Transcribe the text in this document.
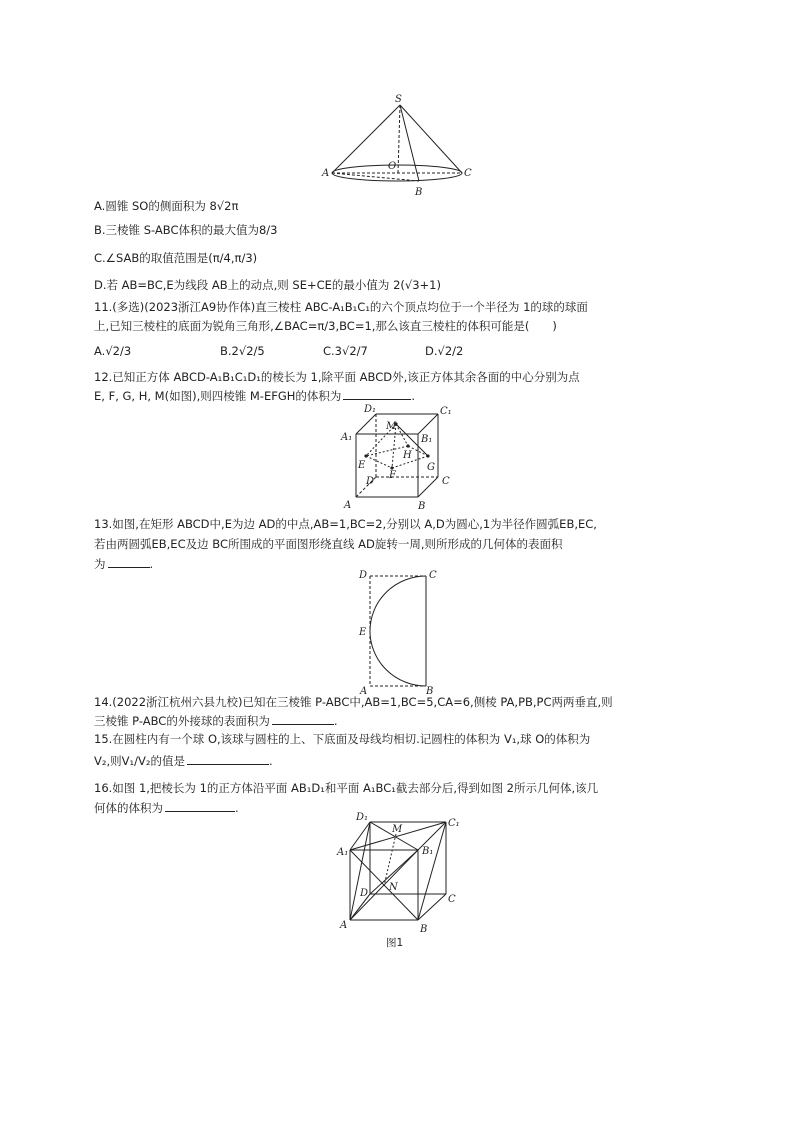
S
O
A
B
C
A.圆锥 SO的侧面积为 8√2π
B.三棱锥 S-ABC体积的最大值为8/3
C.∠SAB的取值范围是(π/4,π/3)
D.若 AB=BC,E为线段 AB上的动点,则 SE+CE的最小值为 2(√3+1)
11.(多选)(2023浙江A9协作体)直三棱柱 ABC-A₁B₁C₁的六个顶点均位于一个半径为 1的球的球面
上,已知三棱柱的底面为锐角三角形,∠BAC=π/3,BC=1,那么该直三棱柱的体积可能是(　　)
A.√2/3	B.2√2/5	C.3√2/7	D.√2/2
12.已知正方体 ABCD-A₁B₁C₁D₁的棱长为 1,除平面 ABCD外,该正方体其余各面的中心分别为点
E, F, G, H, M(如图),则四棱锥 M-EFGH的体积为	.
D₁	C₁
A₁	B₁
M
H
E	G
D
F
C
A	B
13.如图,在矩形 ABCD中,E为边 AD的中点,AB=1,BC=2,分别以 A,D为圆心,1为半径作圆弧EB,EC,
若由两圆弧EB,EC及边 BC所围成的平面图形绕直线 AD旋转一周,则所形成的几何体的表面积
为	.
D	C
E
A	B
14.(2022浙江杭州六县九校)已知在三棱锥 P-ABC中,AB=1,BC=5,CA=6,侧棱 PA,PB,PC两两垂直,则
三棱锥 P-ABC的外接球的表面积为	.
15.在圆柱内有一个球 O,该球与圆柱的上、下底面及母线均相切.记圆柱的体积为 V₁,球 O的体积为
V₂,则V₁/V₂的值是	.
16.如图 1,把棱长为 1的正方体沿平面 AB₁D₁和平面 A₁BC₁截去部分后,得到如图 2所示几何体,该几
何体的体积为	.
D₁
M
C₁
A₁	B₁
D
N
C
A	B
图1
